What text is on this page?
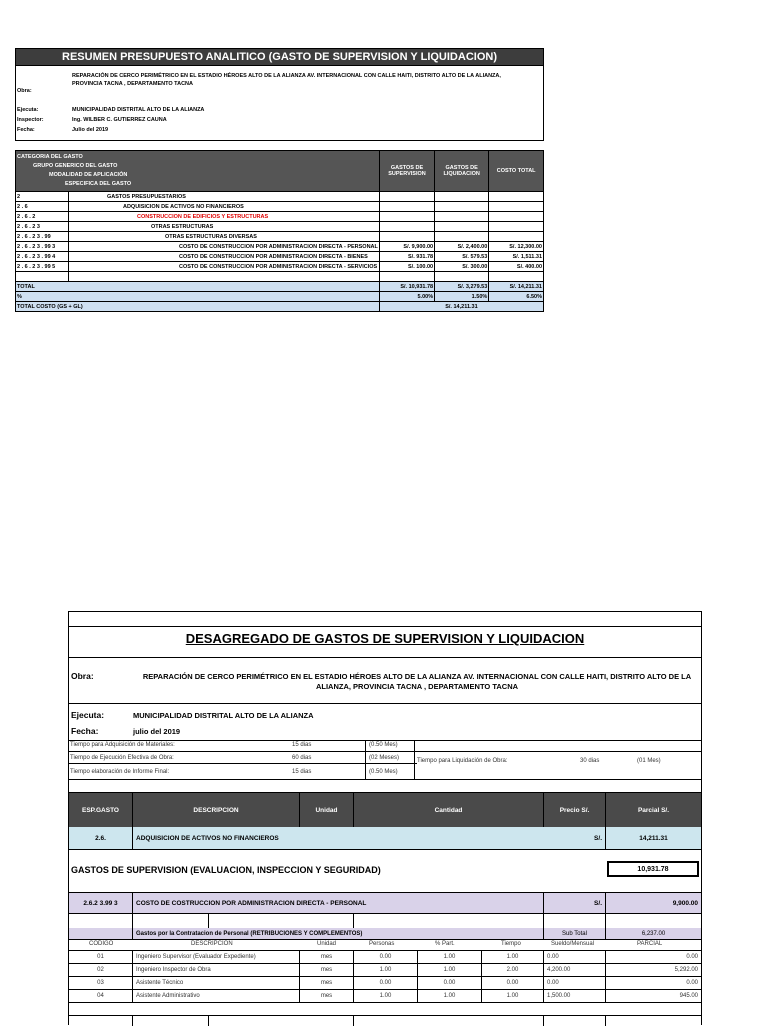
RESUMEN PRESUPUESTO ANALITICO (GASTO DE SUPERVISION Y LIQUIDACION)
Obra:
REPARACIÓN DE CERCO PERIMÉTRICO EN EL ESTADIO HÉROES ALTO DE LA ALIANZA AV. INTERNACIONAL CON CALLE HAITI, DISTRITO ALTO DE LA ALIANZA, PROVINCIA TACNA , DEPARTAMENTO TACNA
Ejecuta:	MUNICIPALIDAD DISTRITAL ALTO DE LA ALIANZA
Inspector:	Ing. WILBER C. GUTIERREZ CAUNA
Fecha:	Julio del 2019
CATEGORIA DEL GASTO
GRUPO GENERICO DEL GASTO
MODALIDAD DE APLICACIÓN
ESPECIFICA DEL GASTO		GASTOS DE SUPERVISION	GASTOS DE LIQUIDACION	COSTO TOTAL
2	GASTOS PRESUPUESTARIOS			
2 . 6	ADQUISICION DE ACTIVOS NO FINANCIEROS			
2 . 6 . 2	CONSTRUCCION DE EDIFICIOS Y ESTRUCTURAS			
2 . 6 . 2 3	OTRAS ESTRUCTURAS			
2 . 6 . 2 3 . 99	OTRAS ESTRUCTURAS DIVERSAS			
2 . 6 . 2 3 . 99 3	COSTO DE CONSTRUCCION POR ADMINISTRACION DIRECTA - PERSONAL	S/. 9,900.00	S/. 2,400.00	S/. 12,300.00
2 . 6 . 2 3 . 99 4	COSTO DE CONSTRUCCION POR ADMINISTRACION DIRECTA - BIENES	S/. 931.78	S/. 579.53	S/. 1,511.31
2 . 6 . 2 3 . 99 5	COSTO DE CONSTRUCCION POR ADMINISTRACION DIRECTA - SERVICIOS	S/. 100.00	S/. 300.00	S/. 400.00

TOTAL		S/. 10,931.78	S/. 3,279.53	S/. 14,211.31
%		5.00%	1.50%	6.50%
TOTAL COSTO (GS + GL)		S/. 14,211.31		
DESAGREGADO DE GASTOS DE SUPERVISION Y LIQUIDACION
Obra:	REPARACIÓN DE CERCO PERIMÉTRICO EN EL ESTADIO HÉROES ALTO DE LA ALIANZA AV. INTERNACIONAL CON CALLE HAITI, DISTRITO ALTO DE LA ALIANZA, PROVINCIA TACNA , DEPARTAMENTO TACNA
Ejecuta:	MUNICIPALIDAD DISTRITAL ALTO DE LA ALIANZA
Fecha:	julio del 2019
Tiempo para Adquisición de Materiales:	15 dias	(0.50 Mes)
Tiempo de Ejecución Efectiva de Obra:	60 dias	(02 Meses)	Tiempo para Liquidación de Obra:	30 dias	(01 Mes)
Tiempo elaboración de Informe Final:	15 dias	(0.50 Mes)
ESP.GASTO	DESCRIPCION	Unidad	Cantidad	Precio S/.	Parcial S/.
2.6.	ADQUISICION DE ACTIVOS NO FINANCIEROS	S/.	14,211.31
GASTOS DE SUPERVISION (EVALUACION, INSPECCION Y SEGURIDAD)	10,931.78
2.6.2 3.99 3	COSTO DE COSTRUCCION POR ADMINISTRACION DIRECTA - PERSONAL	S/.	9,900.00
Gastos por la Contratacion de Personal (RETRIBUCIONES Y COMPLEMENTOS)	Sub Total	6,237.00
CODIGO	DESCRIPCION	Unidad	Personas	% Part.	Tiempo	Sueldo/Mensual	PARCIAL
01	Ingeniero Supervisor (Evaluador Expediente)	mes	0.00	1.00	1.00	0.00	0.00
02	Ingeniero Inspector de Obra	mes	1.00	1.00	2.00	4,200.00	5,292.00
03	Asistente Técnico	mes	0.00	0.00	0.00	0.00	0.00
04	Asistente Administrativo	mes	1.00	1.00	1.00	1,500.00	945.00
